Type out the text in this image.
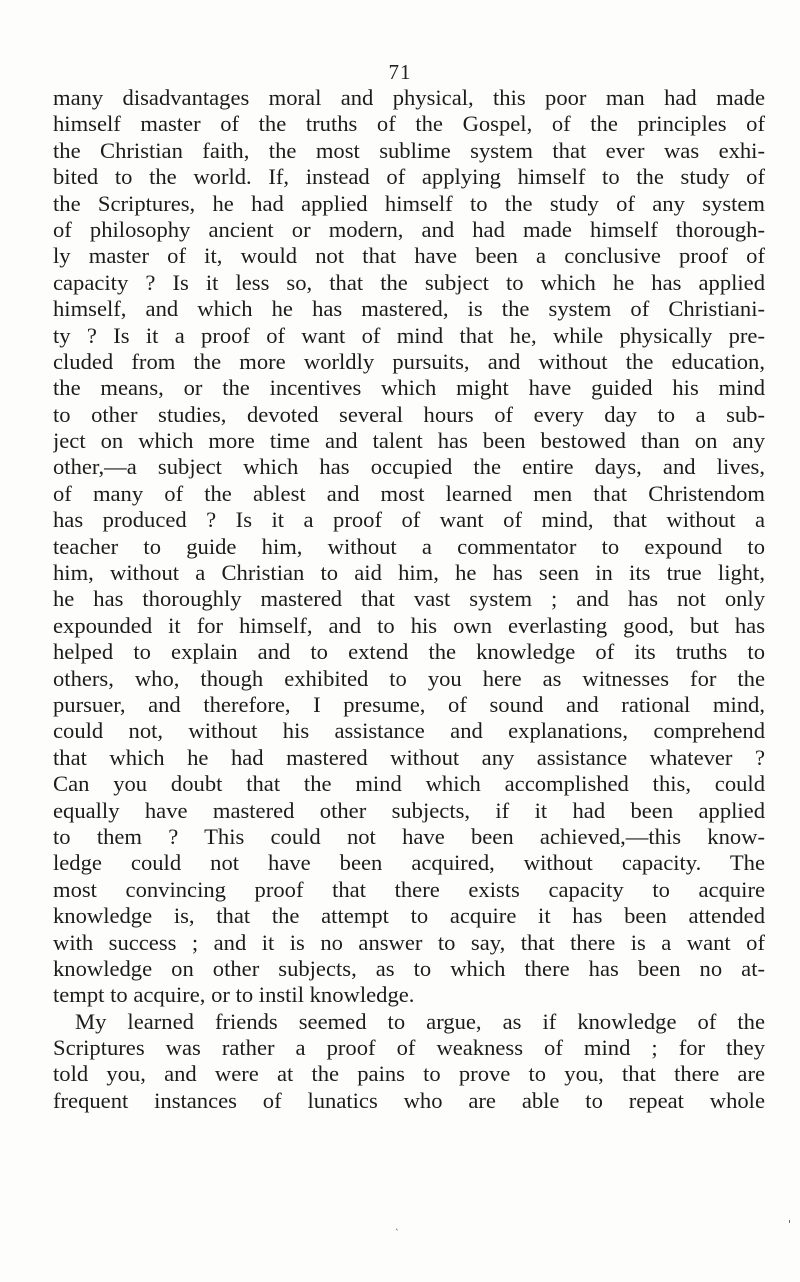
71
many disadvantages moral and physical, this poor man had made
himself master of the truths of the Gospel, of the principles of
the Christian faith, the most sublime system that ever was exhi-
bited to the world. If, instead of applying himself to the study of
the Scriptures, he had applied himself to the study of any system
of philosophy ancient or modern, and had made himself thorough-
ly master of it, would not that have been a conclusive proof of
capacity ? Is it less so, that the subject to which he has applied
himself, and which he has mastered, is the system of Christiani-
ty ? Is it a proof of want of mind that he, while physically pre-
cluded from the more worldly pursuits, and without the education,
the means, or the incentives which might have guided his mind
to other studies, devoted several hours of every day to a sub-
ject on which more time and talent has been bestowed than on any
other,—a subject which has occupied the entire days, and lives,
of many of the ablest and most learned men that Christendom
has produced ? Is it a proof of want of mind, that without a
teacher to guide him, without a commentator to expound to
him, without a Christian to aid him, he has seen in its true light,
he has thoroughly mastered that vast system ; and has not only
expounded it for himself, and to his own everlasting good, but has
helped to explain and to extend the knowledge of its truths to
others, who, though exhibited to you here as witnesses for the
pursuer, and therefore, I presume, of sound and rational mind,
could not, without his assistance and explanations, comprehend
that which he had mastered without any assistance whatever ?
Can you doubt that the mind which accomplished this, could
equally have mastered other subjects, if it had been applied
to them ? This could not have been achieved,—this know-
ledge could not have been acquired, without capacity. The
most convincing proof that there exists capacity to acquire
knowledge is, that the attempt to acquire it has been attended
with success ; and it is no answer to say, that there is a want of
knowledge on other subjects, as to which there has been no at-
tempt to acquire, or to instil knowledge.
My learned friends seemed to argue, as if knowledge of the
Scriptures was rather a proof of weakness of mind ; for they
told you, and were at the pains to prove to you, that there are
frequent instances of lunatics who are able to repeat whole
˴	'
